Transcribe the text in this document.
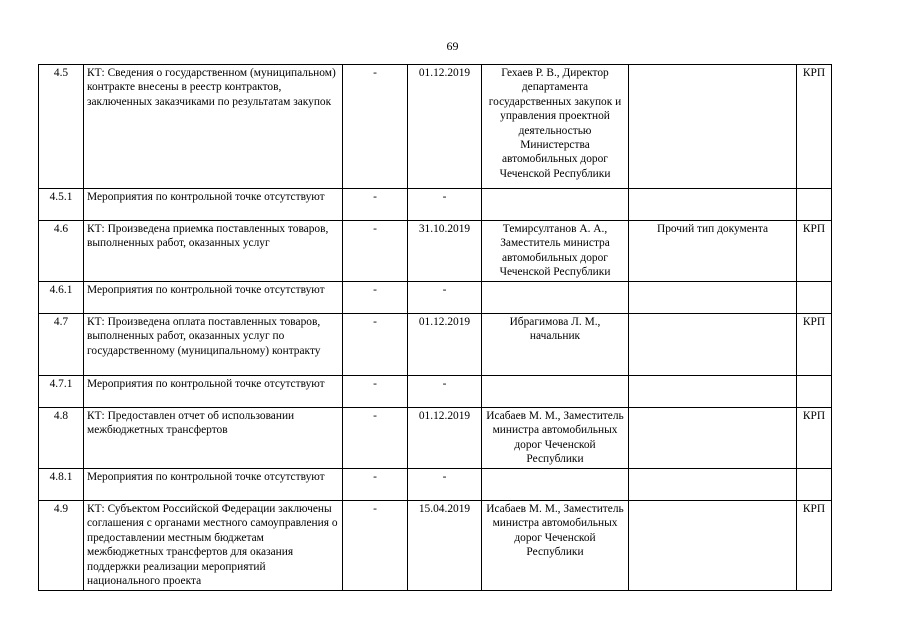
69
4.5	КТ: Сведения о государственном (муниципальном) контракте внесены в реестр контрактов, заключенных заказчиками по результатам закупок	-	01.12.2019	Гехаев Р. В., Директор департамента государственных закупок и управления проектной деятельностью Министерства автомобильных дорог Чеченской Республики		КРП
4.5.1	Мероприятия по контрольной точке отсутствуют	-	-			
4.6	КТ: Произведена приемка поставленных товаров, выполненных работ, оказанных услуг	-	31.10.2019	Темирсултанов А. А., Заместитель министра автомобильных дорог Чеченской Республики	Прочий тип документа	КРП
4.6.1	Мероприятия по контрольной точке отсутствуют	-	-			
4.7	КТ: Произведена оплата поставленных товаров, выполненных работ, оказанных услуг по государственному (муниципальному) контракту	-	01.12.2019	Ибрагимова Л. М., начальник		КРП
4.7.1	Мероприятия по контрольной точке отсутствуют	-	-			
4.8	КТ: Предоставлен отчет об использовании межбюджетных трансфертов	-	01.12.2019	Исабаев М. М., Заместитель министра автомобильных дорог Чеченской Республики		КРП
4.8.1	Мероприятия по контрольной точке отсутствуют	-	-			
4.9	КТ: Субъектом Российской Федерации заключены соглашения с органами местного самоуправления о предоставлении местным бюджетам межбюджетных трансфертов для оказания поддержки реализации мероприятий национального проекта	-	15.04.2019	Исабаев М. М., Заместитель министра автомобильных дорог Чеченской Республики		КРП
